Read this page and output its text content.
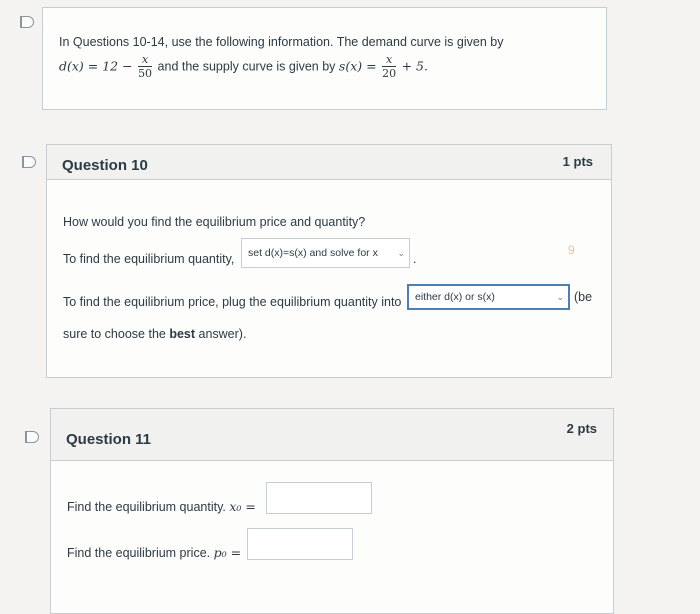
In Questions 10-14, use the following information. The demand curve is given by
$d(x) = 12 - \frac{x}{50}$ and the supply curve is given by $s(x) = \frac{x}{20} + 5$.
Question 10	1 pts
How would you find the equilibrium price and quantity?
To find the equilibrium quantity,	set d(x)=s(x) and solve for x ⌄ .
9
To find the equilibrium price, plug the equilibrium quantity into	either d(x) or s(x)	⌄ (be
sure to choose the best answer).
Question 11
2 pts
Find the equilibrium quantity. x₀ =
Find the equilibrium price. p₀ =
